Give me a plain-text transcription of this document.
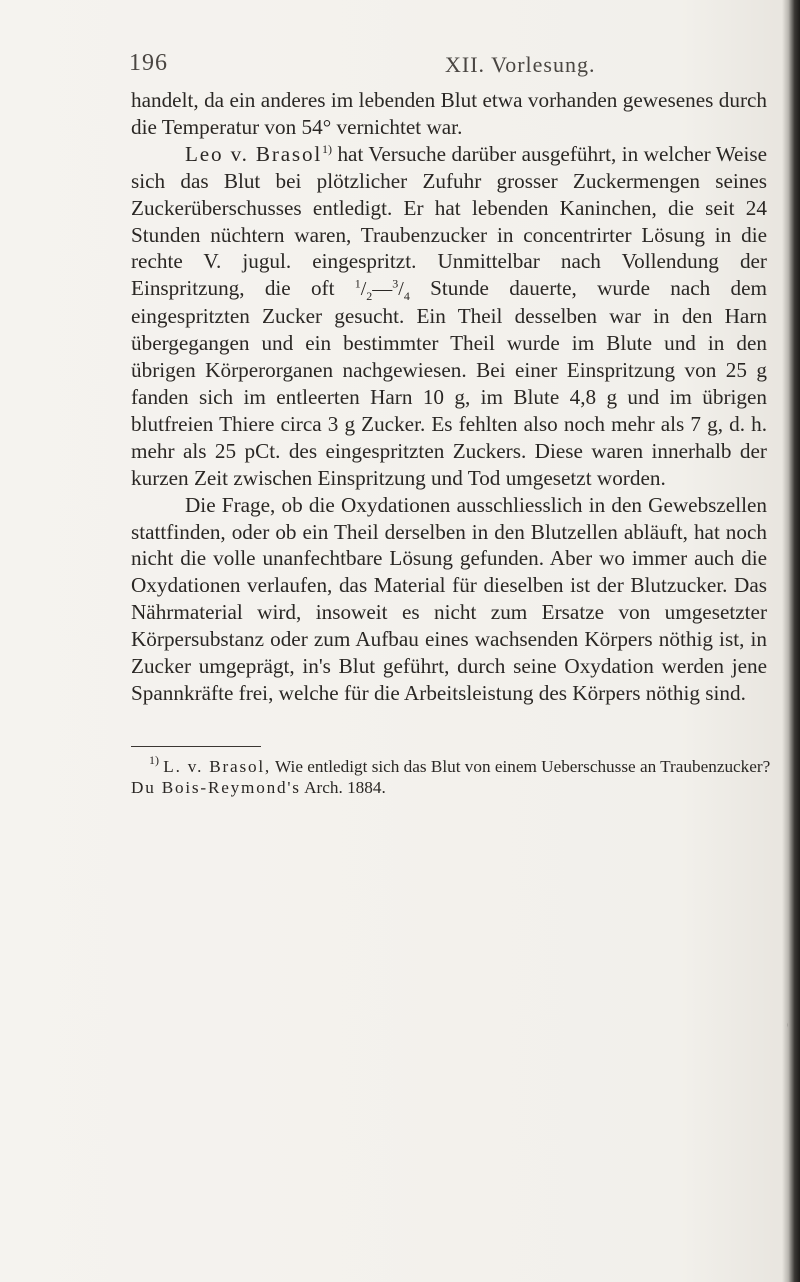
196	XII. Vorlesung.

handelt, da ein anderes im lebenden Blut etwa vorhanden gewesenes durch die Temperatur von 54° vernichtet war.

Leo v. Brasol$^{1)}$ hat Versuche darüber ausgeführt, in welcher Weise sich das Blut bei plötzlicher Zufuhr grosser Zuckermengen seines Zuckerüberschusses entledigt. Er hat lebenden Kaninchen, die seit 24 Stunden nüchtern waren, Traubenzucker in concentrirter Lösung in die rechte V. jugul. eingespritzt. Unmittelbar nach Vollendung der Einspritzung, die oft $^1/_2—^3/_4$ Stunde dauerte, wurde nach dem eingespritzten Zucker gesucht. Ein Theil desselben war in den Harn übergegangen und ein bestimmter Theil wurde im Blute und in den übrigen Körperorganen nachgewiesen. Bei einer Einspritzung von 25 g fanden sich im entleerten Harn 10 g, im Blute 4,8 g und im übrigen blutfreien Thiere circa 3 g Zucker. Es fehlten also noch mehr als 7 g, d. h. mehr als 25 pCt. des eingespritzten Zuckers. Diese waren innerhalb der kurzen Zeit zwischen Einspritzung und Tod umgesetzt worden.

Die Frage, ob die Oxydationen ausschliesslich in den Gewebszellen stattfinden, oder ob ein Theil derselben in den Blutzellen abläuft, hat noch nicht die volle unanfechtbare Lösung gefunden. Aber wo immer auch die Oxydationen verlaufen, das Material für dieselben ist der Blutzucker. Das Nährmaterial wird, insoweit es nicht zum Ersatze von umgesetzter Körpersubstanz oder zum Aufbau eines wachsenden Körpers nöthig ist, in Zucker umgeprägt, in's Blut geführt, durch seine Oxydation werden jene Spannkräfte frei, welche für die Arbeitsleistung des Körpers nöthig sind.

$^{1)}$ L. v. Brasol, Wie entledigt sich das Blut von einem Ueberschusse an Traubenzucker? Du Bois-Reymond's Arch. 1884.
